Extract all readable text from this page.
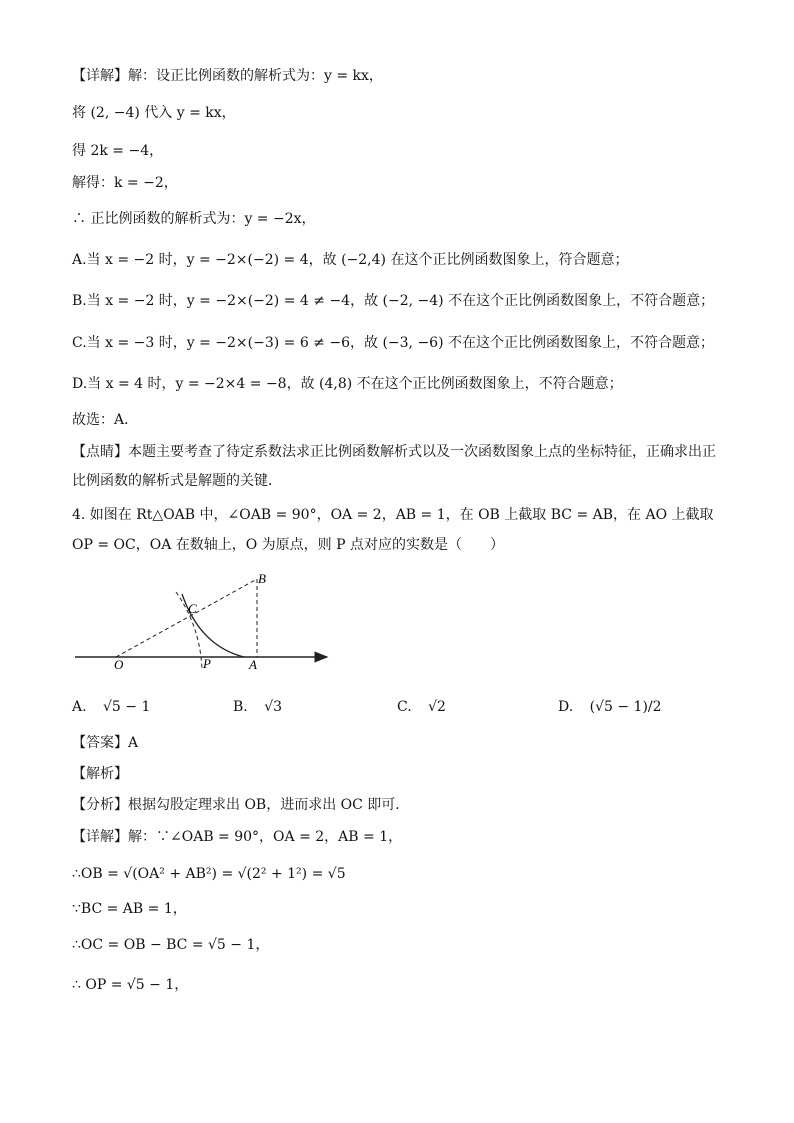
【详解】解：设正比例函数的解析式为：y = kx，
将 (2, −4) 代入 y = kx，
得 2k = −4，
解得：k = −2，
∴ 正比例函数的解析式为：y = −2x，
A.当 x = −2 时，y = −2×(−2) = 4，故 (−2,4) 在这个正比例函数图象上，符合题意；
B.当 x = −2 时，y = −2×(−2) = 4 ≠ −4，故 (−2, −4) 不在这个正比例函数图象上，不符合题意；
C.当 x = −3 时，y = −2×(−3) = 6 ≠ −6，故 (−3, −6) 不在这个正比例函数图象上，不符合题意；
D.当 x = 4 时，y = −2×4 = −8，故 (4,8) 不在这个正比例函数图象上，不符合题意；
故选：A．
【点睛】本题主要考查了待定系数法求正比例函数解析式以及一次函数图象上点的坐标特征，正确求出正
比例函数的解析式是解题的关键．
4. 如图在 Rt△OAB 中，∠OAB = 90°，OA = 2，AB = 1，在 OB 上截取 BC = AB，在 AO 上截取
OP = OC，OA 在数轴上，O 为原点，则 P 点对应的实数是（　　）
O	P	A
B
C
A. √5 − 1	B. √3	C. √2	D. (√5 − 1)/2
【答案】A
【解析】
【分析】根据勾股定理求出 OB，进而求出 OC 即可．
【详解】解：∵∠OAB = 90°，OA = 2，AB = 1，
∴OB = √(OA² + AB²) = √(2² + 1²) = √5
∵BC = AB = 1，
∴OC = OB − BC = √5 − 1，
∴ OP = √5 − 1，
